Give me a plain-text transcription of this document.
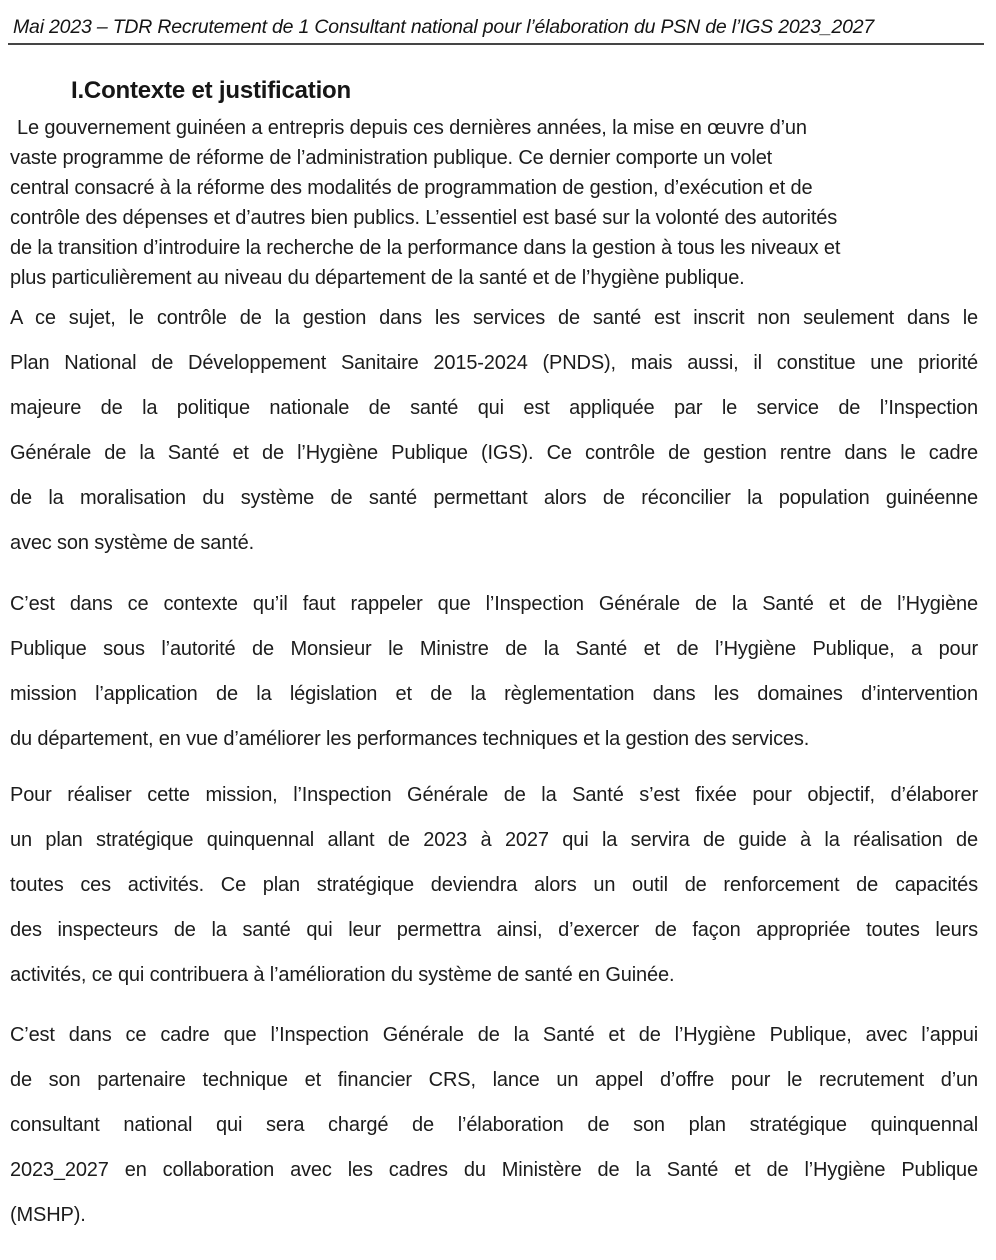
Mai 2023 – TDR Recrutement de 1 Consultant national pour l’élaboration du PSN de l’IGS 2023_2027
I.Contexte et justification
Le gouvernement guinéen a entrepris depuis ces dernières années, la mise en œuvre d’un
vaste programme de réforme de l’administration publique. Ce dernier comporte un volet
central consacré à la réforme des modalités de programmation de gestion, d’exécution et de
contrôle des dépenses et d’autres bien publics. L’essentiel est basé sur la volonté des autorités
de la transition d’introduire la recherche de la performance dans la gestion à tous les niveaux et
plus particulièrement au niveau du département de la santé et de l’hygiène publique.
A ce sujet, le contrôle de la gestion dans les services de santé est inscrit non seulement dans le
Plan National de Développement Sanitaire 2015-2024 (PNDS), mais aussi, il constitue une priorité
majeure de la politique nationale de santé qui est appliquée par le service de l’Inspection
Générale de la Santé et de l’Hygiène Publique (IGS). Ce contrôle de gestion rentre dans le cadre
de la moralisation du système de santé permettant alors de réconcilier la population guinéenne
avec son système de santé.
C’est dans ce contexte qu’il faut rappeler que l’Inspection Générale de la Santé et de l’Hygiène
Publique sous l’autorité de Monsieur le Ministre de la Santé et de l’Hygiène Publique, a pour
mission l’application de la législation et de la règlementation dans les domaines d’intervention
du département, en vue d’améliorer les performances techniques et la gestion des services.
Pour réaliser cette mission, l’Inspection Générale de la Santé s’est fixée pour objectif, d’élaborer
un plan stratégique quinquennal allant de 2023 à 2027 qui la servira de guide à la réalisation de
toutes ces activités. Ce plan stratégique deviendra alors un outil de renforcement de capacités
des inspecteurs de la santé qui leur permettra ainsi, d’exercer de façon appropriée toutes leurs
activités, ce qui contribuera à l’amélioration du système de santé en Guinée.
C’est dans ce cadre que l’Inspection Générale de la Santé et de l’Hygiène Publique, avec l’appui
de son partenaire technique et financier CRS, lance un appel d’offre pour le recrutement d’un
consultant national qui sera chargé de l’élaboration de son plan stratégique quinquennal
2023_2027 en collaboration avec les cadres du Ministère de la Santé et de l’Hygiène Publique
(MSHP).
